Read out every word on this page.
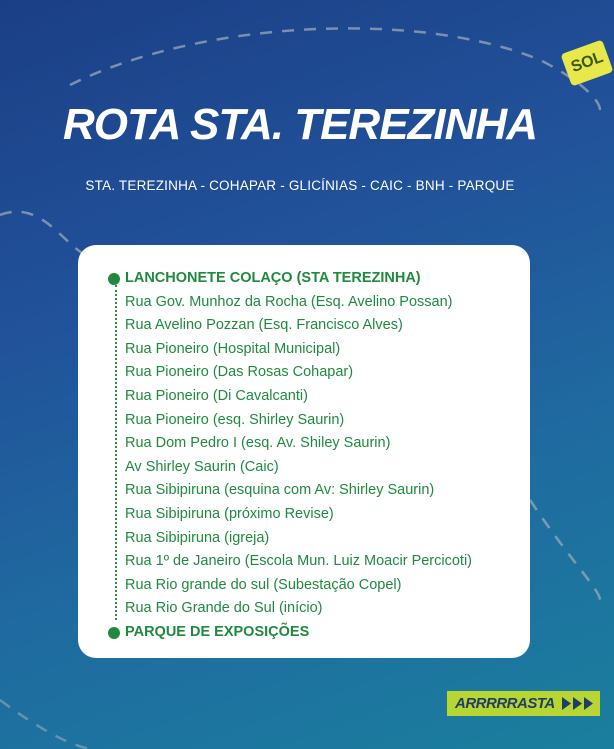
SOL
ROTA STA. TEREZINHA
STA. TEREZINHA - COHAPAR - GLICÍNIAS - CAIC - BNH - PARQUE
LANCHONETE COLAÇO (STA TEREZINHA)
Rua Gov. Munhoz da Rocha (Esq. Avelino Possan)
Rua Avelino Pozzan (Esq. Francisco Alves)
Rua Pioneiro (Hospital Municipal)
Rua Pioneiro (Das Rosas Cohapar)
Rua Pioneiro (Di Cavalcanti)
Rua Pioneiro (esq. Shirley Saurin)
Rua Dom Pedro I (esq. Av. Shiley Saurin)
Av Shirley Saurin (Caic)
Rua Sibipiruna (esquina com Av: Shirley Saurin)
Rua Sibipiruna (próximo Revise)
Rua Sibipiruna (igreja)
Rua 1º de Janeiro (Escola Mun. Luiz Moacir Percicoti)
Rua Rio grande do sul (Subestação Copel)
Rua Rio Grande do Sul (início)
PARQUE DE EXPOSIÇÕES
ARRRRRASTA
